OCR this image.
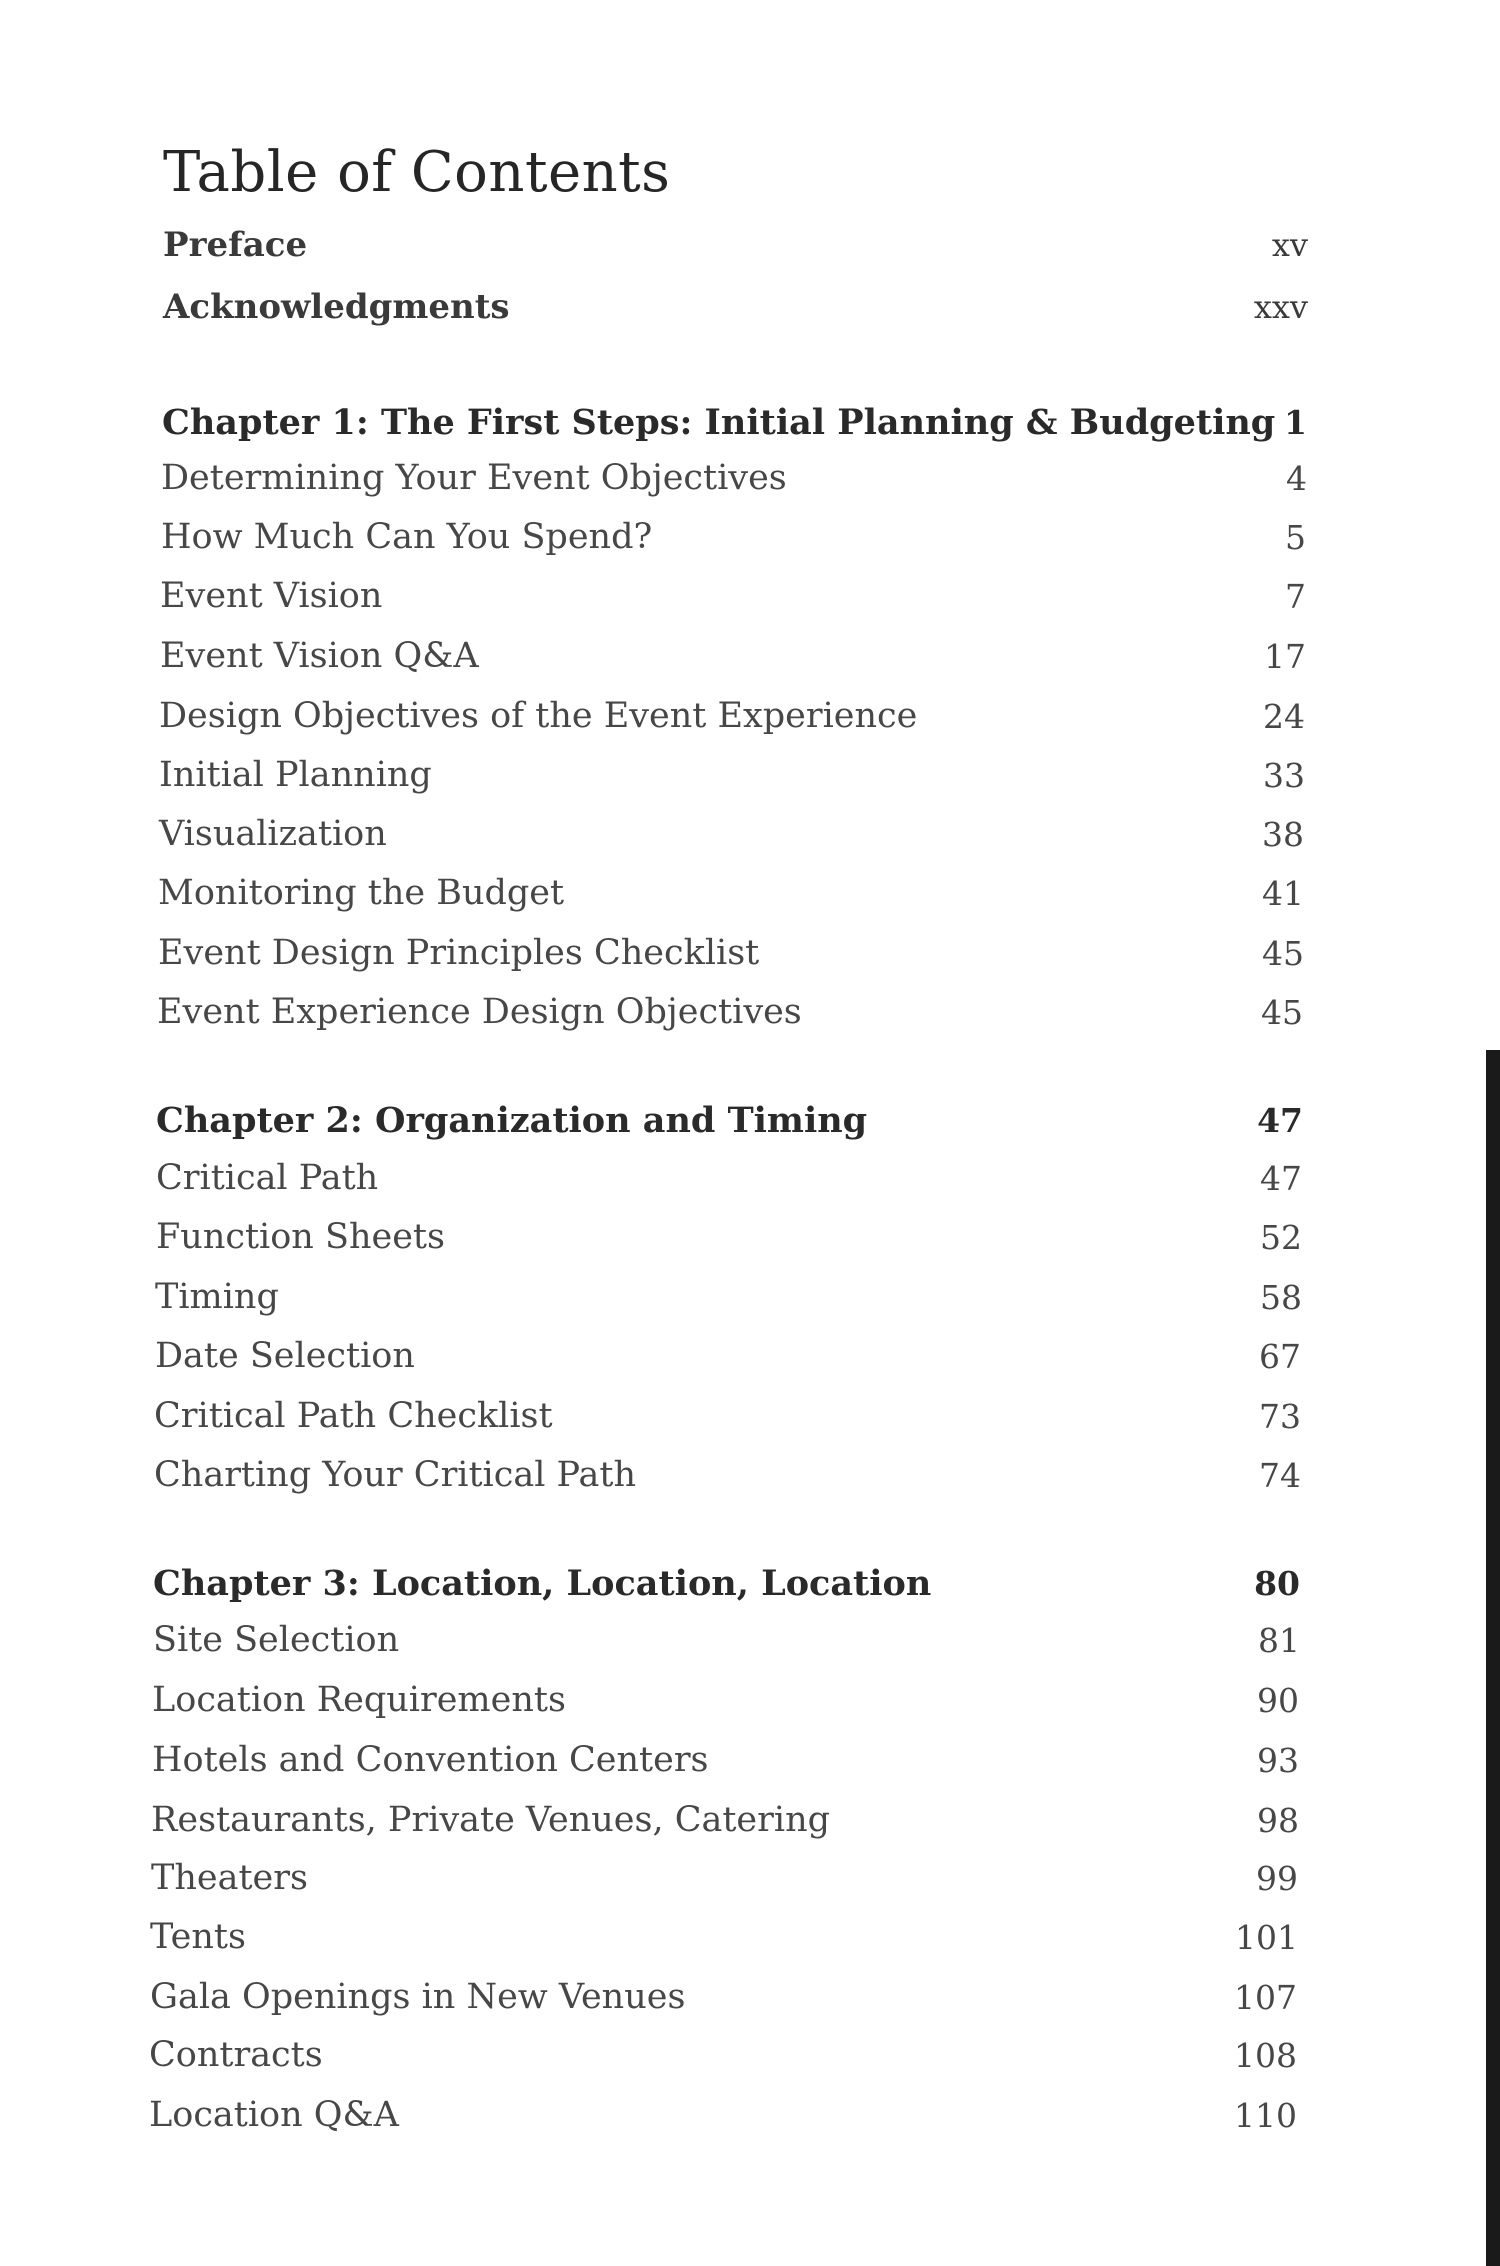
Table of Contents
Preface	xv
Acknowledgments	xxv
Chapter 1: The First Steps: Initial Planning & Budgeting 1
Determining Your Event Objectives	4
How Much Can You Spend?	5
Event Vision	7
Event Vision Q&A	17
Design Objectives of the Event Experience	24
Initial Planning	33
Visualization	38
Monitoring the Budget	41
Event Design Principles Checklist	45
Event Experience Design Objectives	45
Chapter 2: Organization and Timing	47
Critical Path	47
Function Sheets	52
Timing	58
Date Selection	67
Critical Path Checklist	73
Charting Your Critical Path	74
Chapter 3: Location, Location, Location	80
Site Selection	81
Location Requirements	90
Hotels and Convention Centers	93
Restaurants, Private Venues, Catering	98
Theaters	99
Tents	101
Gala Openings in New Venues	107
Contracts	108
Location Q&A	110
